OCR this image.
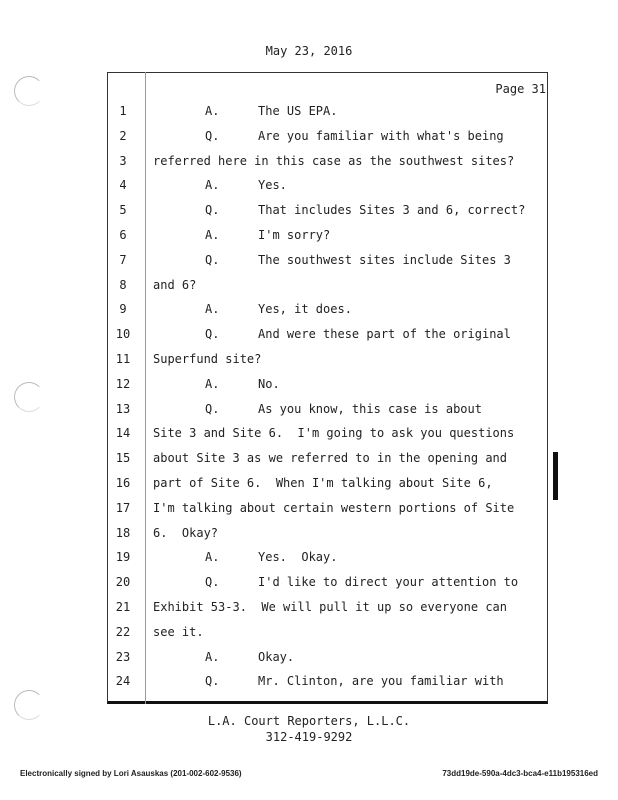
May 23, 2016
Page 31
1	A.	The US EPA.
2	Q.	Are you familiar with what's being
3	referred here in this case as the southwest sites?
4	A.	Yes.
5	Q.	That includes Sites 3 and 6, correct?
6	A.	I'm sorry?
7	Q.	The southwest sites include Sites 3
8	and 6?
9	A.	Yes, it does.
10	Q.	And were these part of the original
11 Superfund site?
12	A.	No.
13	Q.	As you know, this case is about
14 Site 3 and Site 6.  I'm going to ask you questions
15 about Site 3 as we referred to in the opening and
16 part of Site 6.  When I'm talking about Site 6,
17 I'm talking about certain western portions of Site
18 6.  Okay?
19	A.	Yes.  Okay.
20	Q.	I'd like to direct your attention to
21 Exhibit 53-3.  We will pull it up so everyone can
22 see it.
23	A.	Okay.
24	Q.	Mr. Clinton, are you familiar with
L.A. Court Reporters, L.L.C.
312-419-9292
Electronically signed by Lori Asauskas (201-002-602-9536)	73dd19de-590a-4dc3-bca4-e11b195316ed
